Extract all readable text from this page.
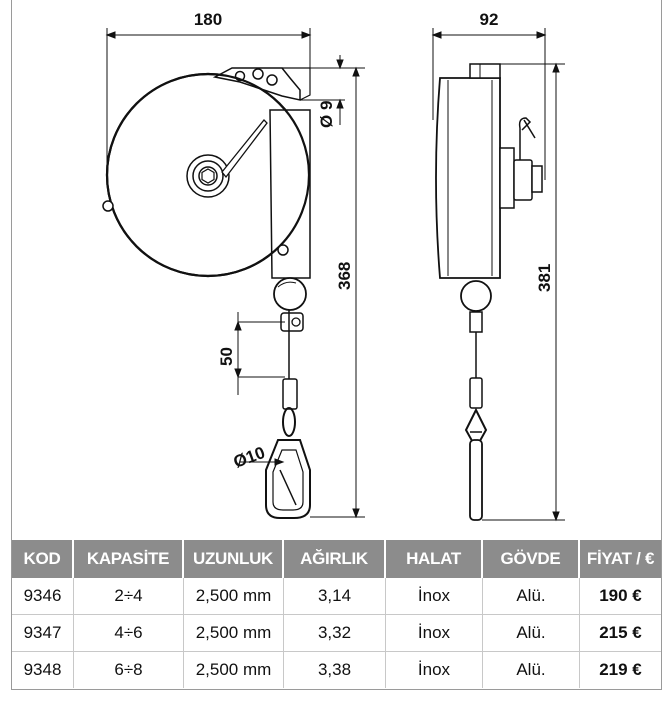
180	92
Ø 9
368	381
50
Ø10
KOD	KAPASİTE	UZUNLUK	AĞIRLIK	HALAT	GÖVDE	FİYAT / €
9346	2÷4	2,500 mm	3,14	İnox	Alü.	190 €
9347	4÷6	2,500 mm	3,32	İnox	Alü.	215 €
9348	6÷8	2,500 mm	3,38	İnox	Alü.	219 €
